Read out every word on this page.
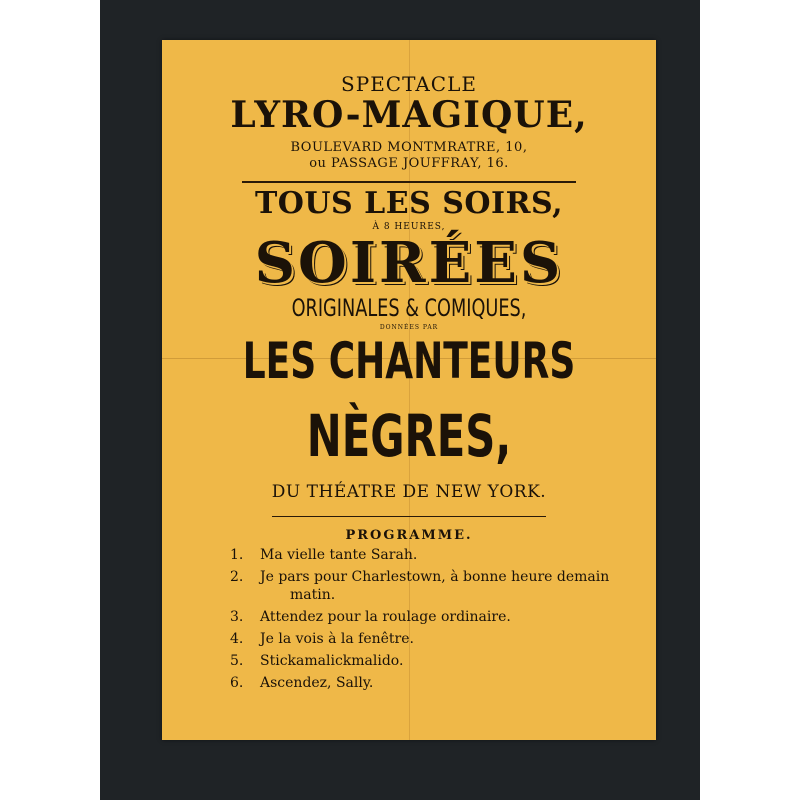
SPECTACLE
LYRO-MAGIQUE,
BOULEVARD MONTMRATRE, 10,
ou PASSAGE JOUFFRAY, 16.
TOUS LES SOIRS,
À 8 HEURES,
SOIRÉES
ORIGINALES & COMIQUES,
DONNÉES PAR
LES CHANTEURS
NÈGRES,
DU THÉATRE DE NEW YORK.
PROGRAMME.
1.	Ma vielle tante Sarah.
2.	Je pars pour Charlestown, à bonne heure demain
matin.
3.	Attendez pour la roulage ordinaire.
4.	Je la vois à la fenêtre.
5.	Stickamalickmalido.
6.	Ascendez, Sally.
